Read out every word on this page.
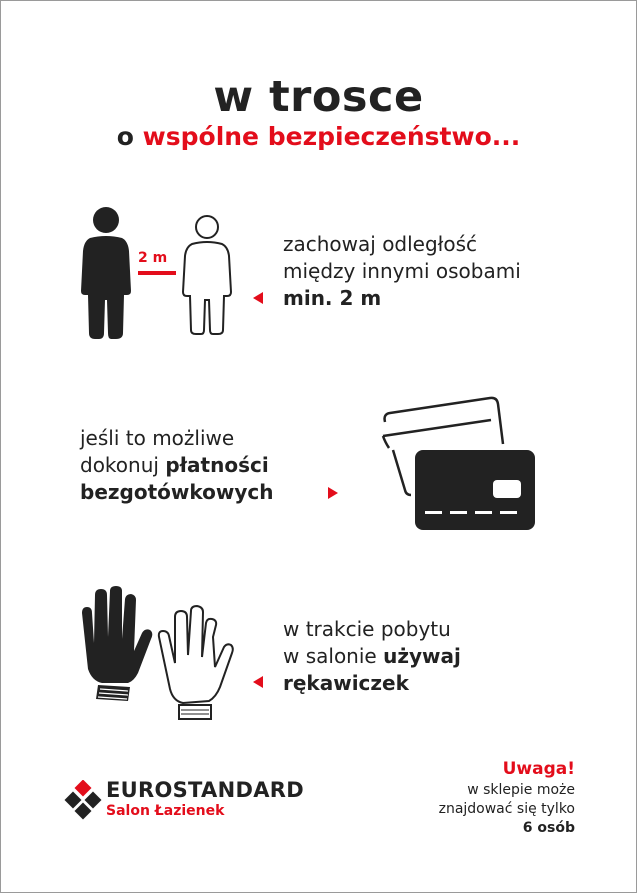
w trosce
o wspólne bezpieczeństwo...
2 m
zachowaj odległość
między innymi osobami
min. 2 m
jeśli to możliwe
dokonuj płatności
bezgotówkowych
w trakcie pobytu
w salonie używaj
rękawiczek
EUROSTANDARD
Salon Łazienek
Uwaga!
w sklepie może
znajdować się tylko
6 osób
